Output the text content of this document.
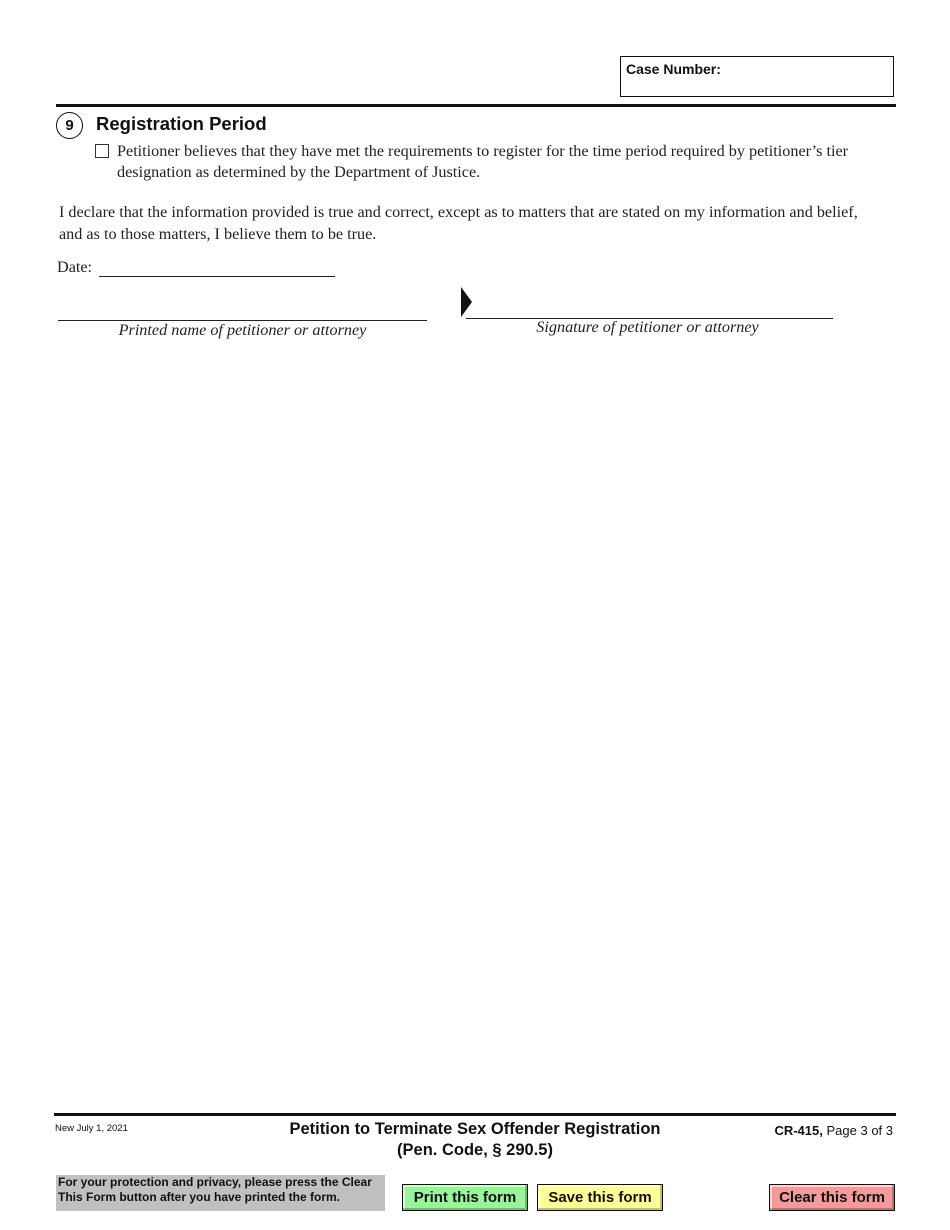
Case Number:
9	Registration Period
Petitioner believes that they have met the requirements to register for the time period required by petitioner’s tier designation as determined by the Department of Justice.
I declare that the information provided is true and correct, except as to matters that are stated on my information and belief, and as to those matters, I believe them to be true.
Date:
Printed name of petitioner or attorney	Signature of petitioner or attorney
New July 1, 2021	Petition to Terminate Sex Offender Registration
(Pen. Code, § 290.5)
CR-415, Page 3 of 3
For your protection and privacy, please press the Clear This Form button after you have printed the form.	Print this form	Save this form	Clear this form
